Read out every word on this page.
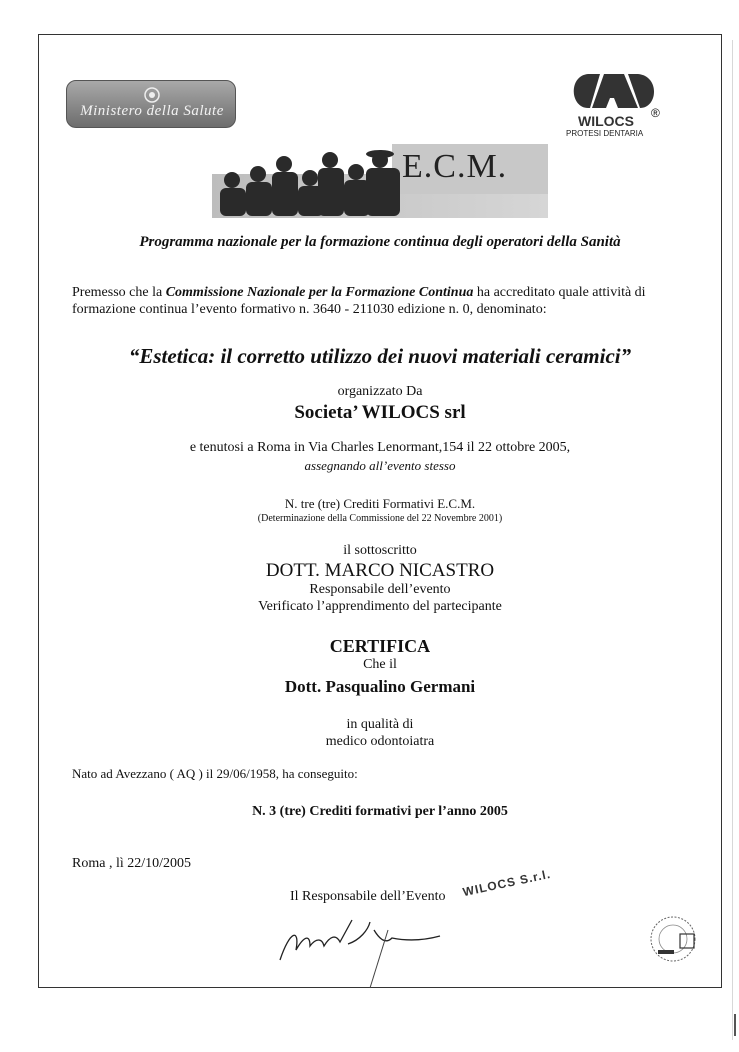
Ministero della Salute
WILOCS ®
PROTESI DENTARIA
E.C.M.
Programma nazionale per la formazione continua degli operatori della Sanità
Premesso che la Commissione Nazionale per la Formazione Continua ha accreditato quale attività di formazione continua l’evento formativo n. 3640 - 211030 edizione n. 0, denominato:
“Estetica: il corretto utilizzo dei nuovi materiali ceramici”
organizzato Da
Societa’ WILOCS srl
e tenutosi a Roma in Via Charles Lenormant,154 il 22 ottobre 2005,
assegnando all’evento stesso
N. tre (tre) Crediti Formativi E.C.M.
(Determinazione della Commissione del 22 Novembre 2001)
il sottoscritto
DOTT. MARCO NICASTRO
Responsabile dell’evento
Verificato l’apprendimento del partecipante
CERTIFICA
Che il
Dott. Pasqualino Germani
in qualità di
medico odontoiatra
Nato ad Avezzano ( AQ ) il 29/06/1958, ha conseguito:
N. 3 (tre) Crediti formativi per l’anno 2005
Roma , lì 22/10/2005
Il Responsabile dell’Evento WILOCS S.r.l.
